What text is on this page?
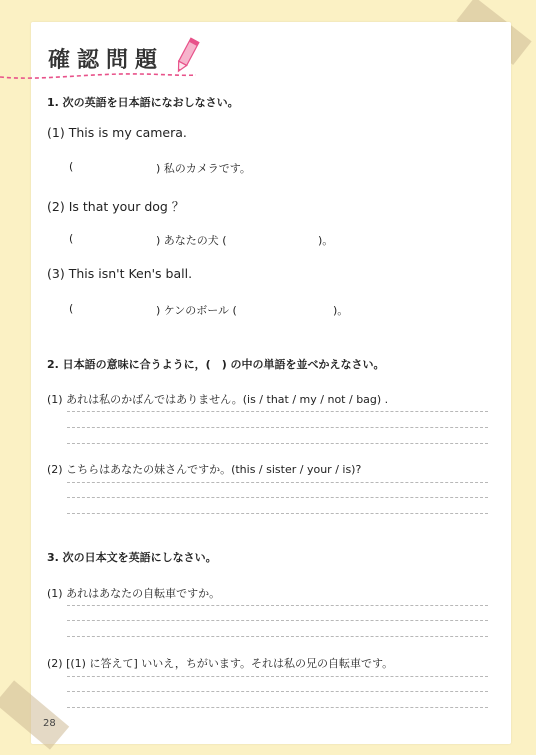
確認問題
1. 次の英語を日本語になおしなさい。
(1) This is my camera.
(	) 私のカメラです。
(2) Is that your dog ？
(	) あなたの犬 (	)。
(3) This isn't Ken's ball.
(	) ケンのボール (	)。
2. 日本語の意味に合うように，(　) の中の単語を並べかえなさい。
(1) あれは私のかばんではありません。(is / that / my / not / bag) .
(2) こちらはあなたの妹さんですか。(this / sister / your / is)?
3. 次の日本文を英語にしなさい。
(1) あれはあなたの自転車ですか。
(2) [(1) に答えて] いいえ，ちがいます。それは私の兄の自転車です。
28
